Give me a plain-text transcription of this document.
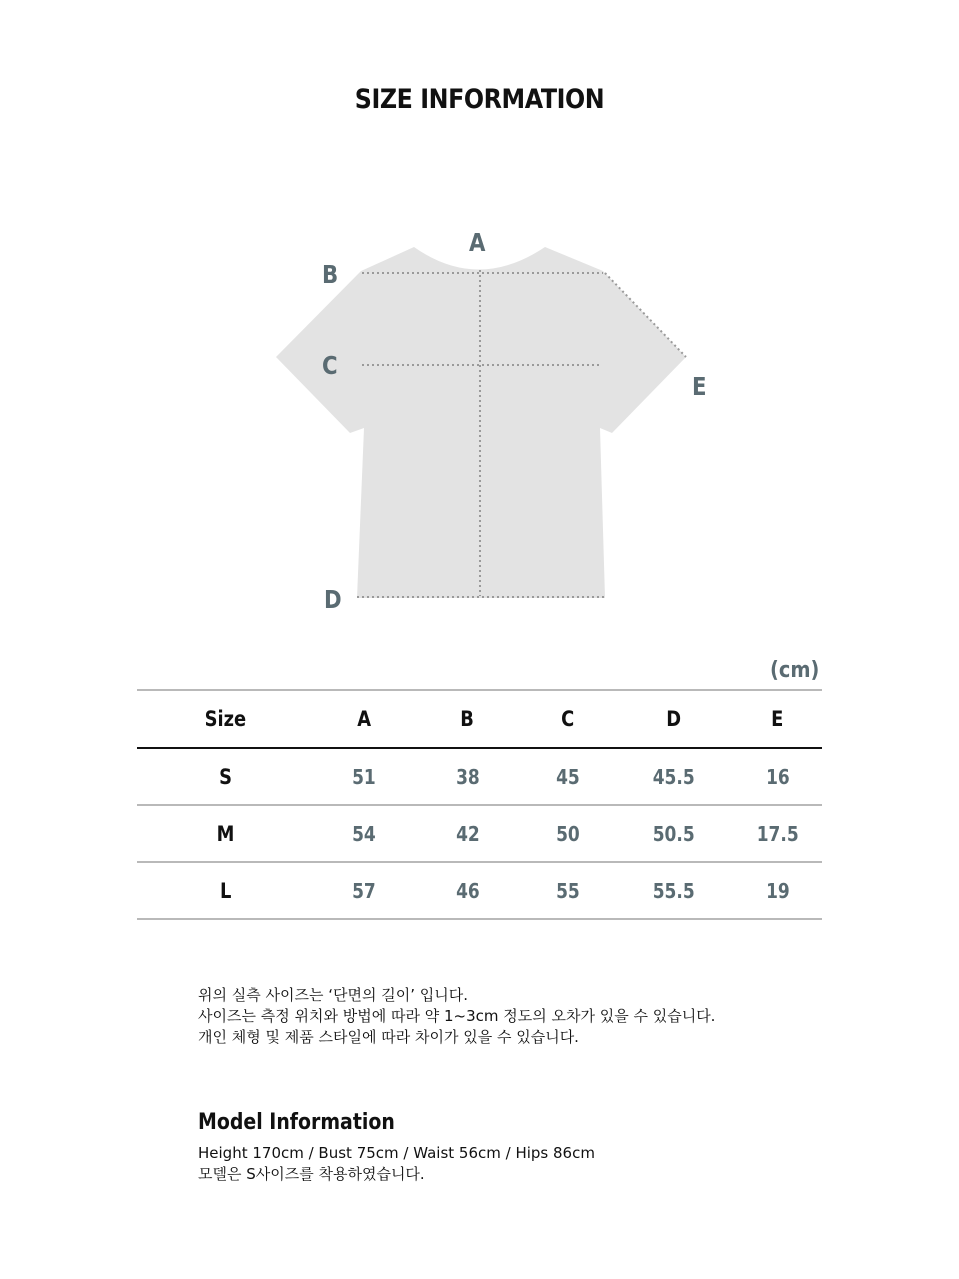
SIZE INFORMATION
A
B
C
D
E
(cm)
Size	A	B	C	D	E
S	51	38	45	45.5	16
M	54	42	50	50.5	17.5
L	57	46	55	55.5	19
위의 실측 사이즈는 ‘단면의 길이’ 입니다.
사이즈는 측정 위치와 방법에 따라 약 1~3cm 정도의 오차가 있을 수 있습니다.
개인 체형 및 제품 스타일에 따라 차이가 있을 수 있습니다.
Model Information
Height 170cm / Bust 75cm / Waist 56cm / Hips 86cm
모델은 S사이즈를 착용하였습니다.
